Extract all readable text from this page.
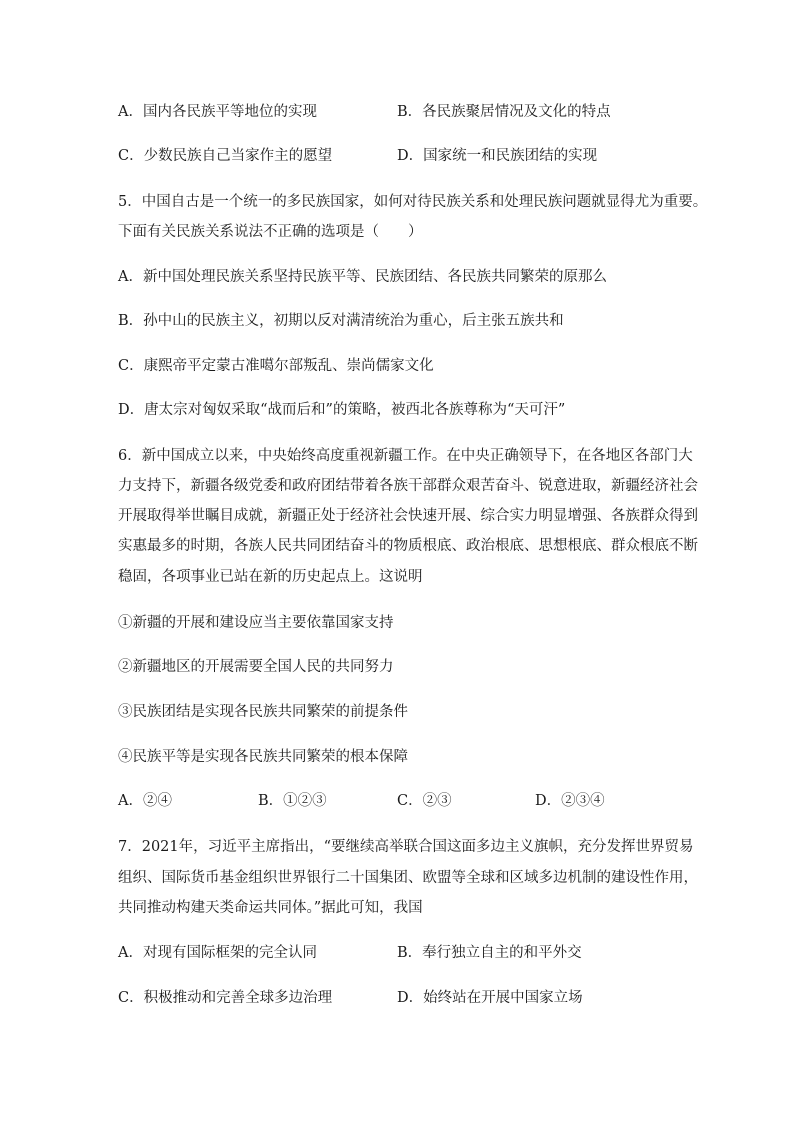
A．国内各民族平等地位的实现	B．各民族聚居情况及文化的特点
C．少数民族自己当家作主的愿望	D．国家统一和民族团结的实现
5．中国自古是一个统一的多民族国家，如何对待民族关系和处理民族问题就显得尤为重要。
下面有关民族关系说法不正确的选项是（　　）
A．新中国处理民族关系坚持民族平等、民族团结、各民族共同繁荣的原那么
B．孙中山的民族主义，初期以反对满清统治为重心，后主张五族共和
C．康熙帝平定蒙古准噶尔部叛乱、崇尚儒家文化
D．唐太宗对匈奴采取“战而后和”的策略，被西北各族尊称为“天可汗”
6．新中国成立以来，中央始终高度重视新疆工作。在中央正确领导下，在各地区各部门大
力支持下，新疆各级党委和政府团结带着各族干部群众艰苦奋斗、锐意进取，新疆经济社会
开展取得举世瞩目成就，新疆正处于经济社会快速开展、综合实力明显增强、各族群众得到
实惠最多的时期，各族人民共同团结奋斗的物质根底、政治根底、思想根底、群众根底不断
稳固，各项事业已站在新的历史起点上。这说明
①新疆的开展和建设应当主要依靠国家支持
②新疆地区的开展需要全国人民的共同努力
③民族团结是实现各民族共同繁荣的前提条件
④民族平等是实现各民族共同繁荣的根本保障
A．②④	B．①②③	C．②③	D．②③④
7．2021年，习近平主席指出，“要继续高举联合国这面多边主义旗帜，充分发挥世界贸易
组织、国际货币基金组织世界银行二十国集团、欧盟等全球和区域多边机制的建设性作用，
共同推动构建天类命运共同体。”据此可知，我国
A．对现有国际框架的完全认同	B．奉行独立自主的和平外交
C．积极推动和完善全球多边治理	D．始终站在开展中国家立场
